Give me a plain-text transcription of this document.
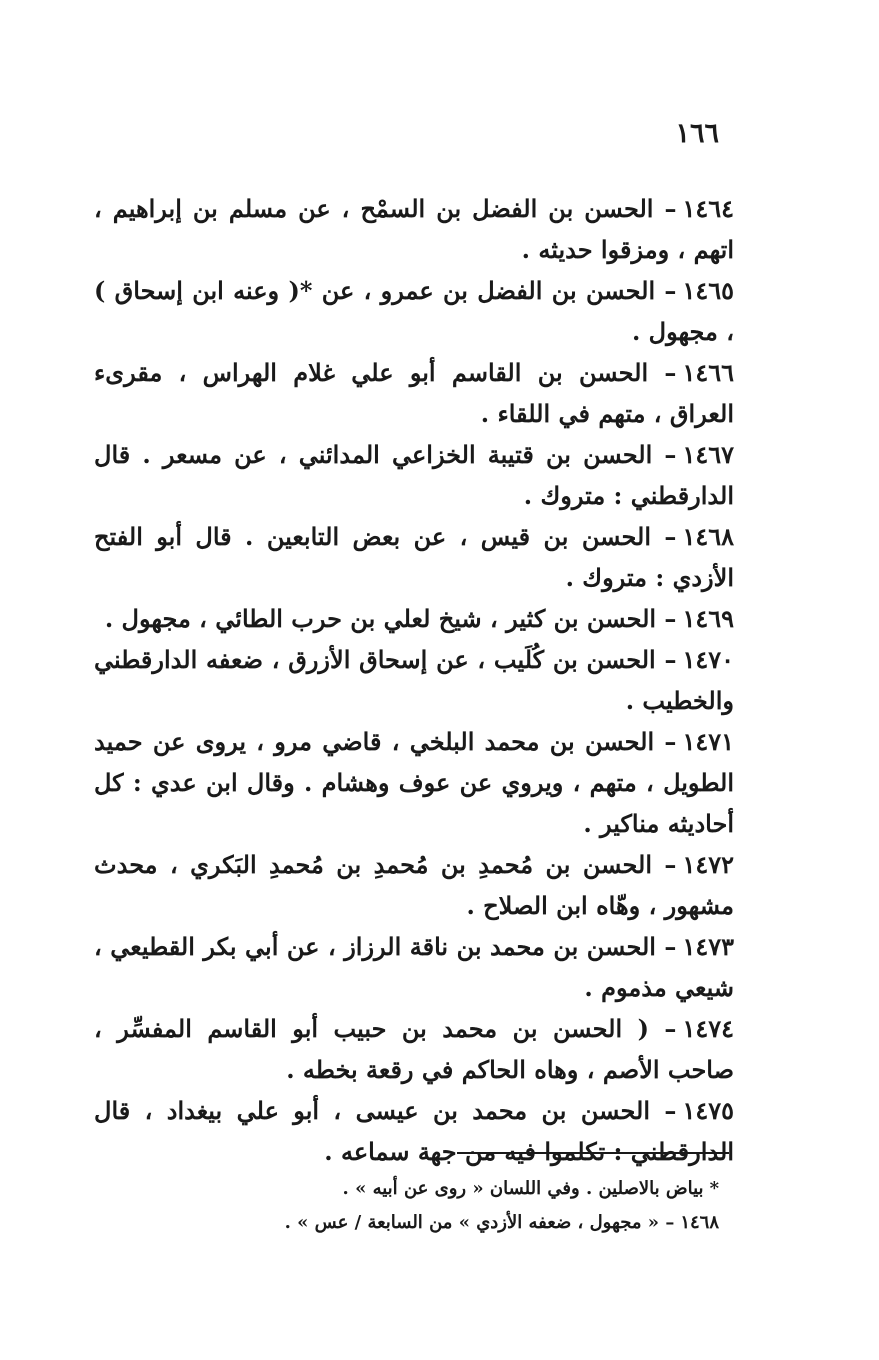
١٦٦

١٤٦٤– الحسن بن الفضل بن السمْح ، عن مسلم بن إبراهيم ، اتهم ، ومزقوا حديثه .

١٤٦٥– الحسن بن الفضل بن عمرو ، عن *( وعنه ابن إسحاق ) ، مجهول .

١٤٦٦– الحسن بن القاسم أبو علي غلام الهراس ، مقرىء العراق ، متهم في اللقاء .

١٤٦٧– الحسن بن قتيبة الخزاعي المدائني ، عن مسعر . قال الدارقطني : متروك .

١٤٦٨– الحسن بن قيس ، عن بعض التابعين . قال أبو الفتح الأزدي : متروك .

١٤٦٩– الحسن بن كثير ، شيخ لعلي بن حرب الطائي ، مجهول .

١٤٧٠– الحسن بن كُلَيب ، عن إسحاق الأزرق ، ضعفه الدارقطني والخطيب .

١٤٧١– الحسن بن محمد البلخي ، قاضي مرو ، يروى عن حميد الطويل ، متهم ، ويروي عن عوف وهشام . وقال ابن عدي : كل أحاديثه مناكير .

١٤٧٢– الحسن بن مُحمدِ بن مُحمدِ بن مُحمدِ البَكري ، محدث مشهور ، وهّاه ابن الصلاح .

١٤٧٣– الحسن بن محمد بن ناقة الرزاز ، عن أبي بكر القطيعي ، شيعي مذموم .

١٤٧٤– ( الحسن بن محمد بن حبيب أبو القاسم المفسِّر ، صاحب الأصم ، وهاه الحاكم في رقعة بخطه .

١٤٧٥– الحسن بن محمد بن عيسى ، أبو علي بيغداد ، قال الدارقطني : تكلموا فيه من جهة سماعه .

*بياض بالاصلين . وفي اللسان « روى عن أبيه » .

١٤٦٨– « مجهول ، ضعفه الأزدي » من السابعة / عس » .
